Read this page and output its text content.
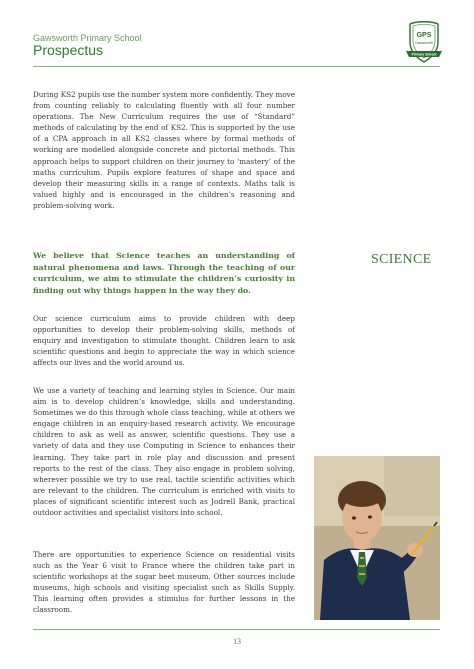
Gawsworth Primary School
Prospectus
GPS
Gawsworth
Primary School

During KS2 pupils use the number system more confidently. They move from counting reliably to calculating fluently with all four number operations. The New Curriculum requires the use of “Standard” methods of calculating by the end of KS2. This is supported by the use of a CPA approach in all KS2 classes where by formal methods of working are modelled alongside concrete and pictorial methods. This approach helps to support children on their journey to ‘mastery’ of the maths curriculum. Pupils explore features of shape and space and develop their measuring skills in a range of contexts. Maths talk is valued highly and is encouraged in the children’s reasoning and problem-solving work.

We believe that Science teaches an understanding of natural phenomena and laws. Through the teaching of our curriculum, we aim to stimulate the children’s curiosity in finding out why things happen in the way they do.

SCIENCE

Our science curriculum aims to provide children with deep opportunities to develop their problem-solving skills, methods of enquiry and investigation to stimulate thought. Children learn to ask scientific questions and begin to appreciate the way in which science affects our lives and the world around us.

We use a variety of teaching and learning styles in Science. Our main aim is to develop children’s knowledge, skills and understanding. Sometimes we do this through whole class teaching, while at others we engage children in an enquiry-based research activity. We encourage children to ask as well as answer, scientific questions. They use a variety of data and they use Computing in Science to enhances their learning. They take part in role play and discussion and present reports to the rest of the class. They also engage in problem solving, wherever possible we try to use real, tactile scientific activities which are relevant to the children. The curriculum is enriched with visits to places of significant scientific interest such as Jodrell Bank, practical outdoor activities and specialist visitors into school.

There are opportunities to experience Science on residential visits such as the Year 6 visit to France where the children take part in scientific workshops at the sugar beet museum. Other sources include museums, high schools and visiting specialist such as Skills Supply. This learning often provides a stimulus for further lessons in the classroom.

13
